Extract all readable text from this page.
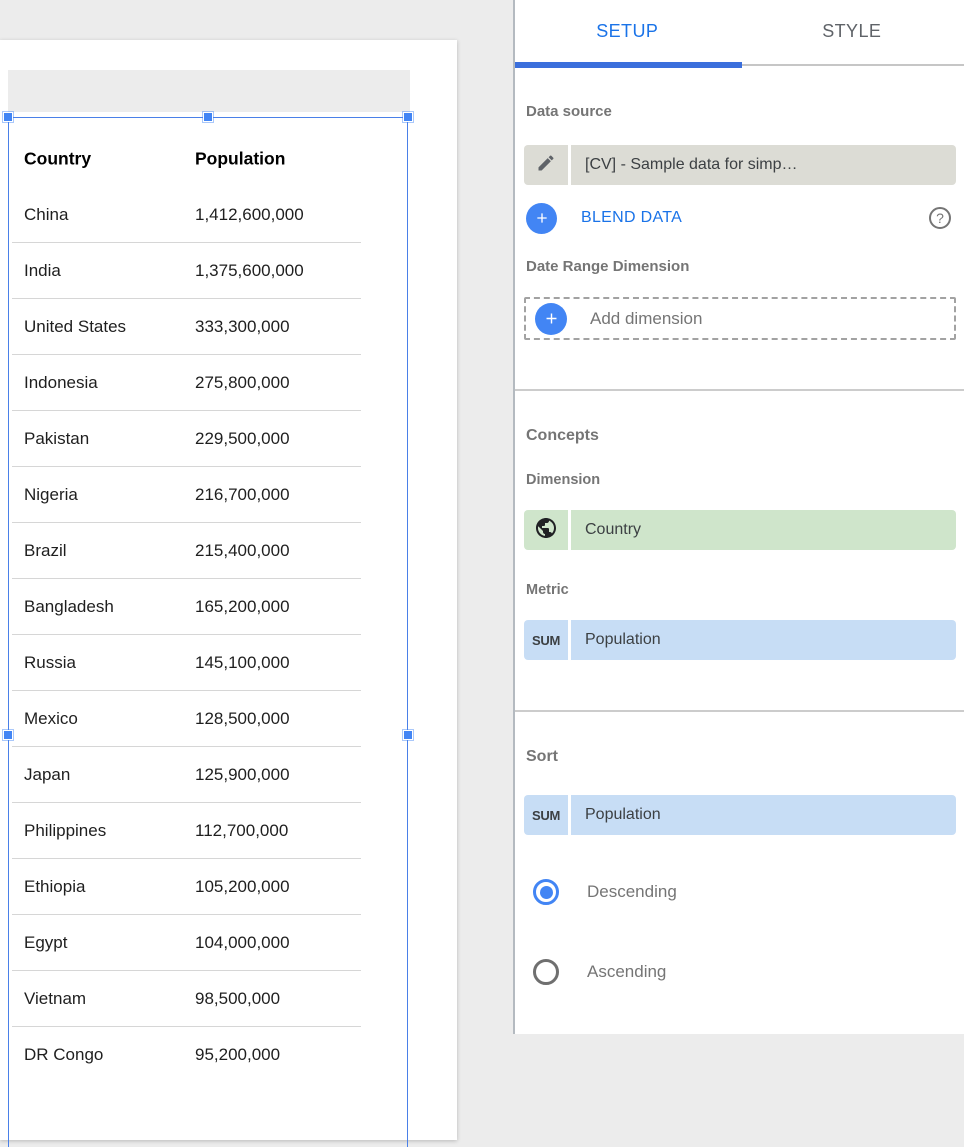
Country	Population
China	1,412,600,000
India	1,375,600,000
United States	333,300,000
Indonesia	275,800,000
Pakistan	229,500,000
Nigeria	216,700,000
Brazil	215,400,000
Bangladesh	165,200,000
Russia	145,100,000
Mexico	128,500,000
Japan	125,900,000
Philippines	112,700,000
Ethiopia	105,200,000
Egypt	104,000,000
Vietnam	98,500,000
DR Congo	95,200,000
SETUP	STYLE
Data source
[CV] - Sample data for simp…
BLEND DATA	?
Date Range Dimension
Add dimension
Concepts
Dimension
Country
Metric
SUM	Population
Sort
SUM	Population
Descending
Ascending
